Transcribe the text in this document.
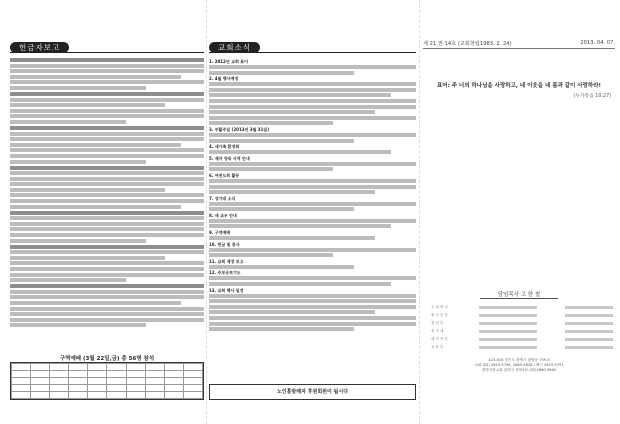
헌금자보고
구역예배 (3월 22일,금) 총 56명 참석

교회소식
1. 2012년 교회 표어
2. 4월 행사예정
3. 부활주일 (2013년 3월 31일)
4. 새가족 환영회
5. 제자 양육 사역 안내
6. 여전도회 활동
7. 성가대 소식
8. 새 교우 안내
9. 구역예배
10. 헌금 및 봉사
11. 교회 재정 보고
12. 주보공보기도
13. 교회 행사 일정
노인홈방례자 후원회원이 됩시다
제 21 권 14호 (교회창립1983. 2. 24)	2013. 04. 07.
표어: 주 너의 하나님을 사랑하고, 네 이웃을 네 몸과 같이 사랑하라!
(누가복음 10:27)
담임목사 고 한 철
주 일 학 교
중 고 등 부
청 년 부
성 가 대
새 가 족 부
교 육 부
423-016 경기도 광명시 광명동 759-5
교회 (02) 2619-5796, 2685-5628 / 팩스 2619-5791
광명사랑교회 광명시 하안3동 (02)2680-5600
